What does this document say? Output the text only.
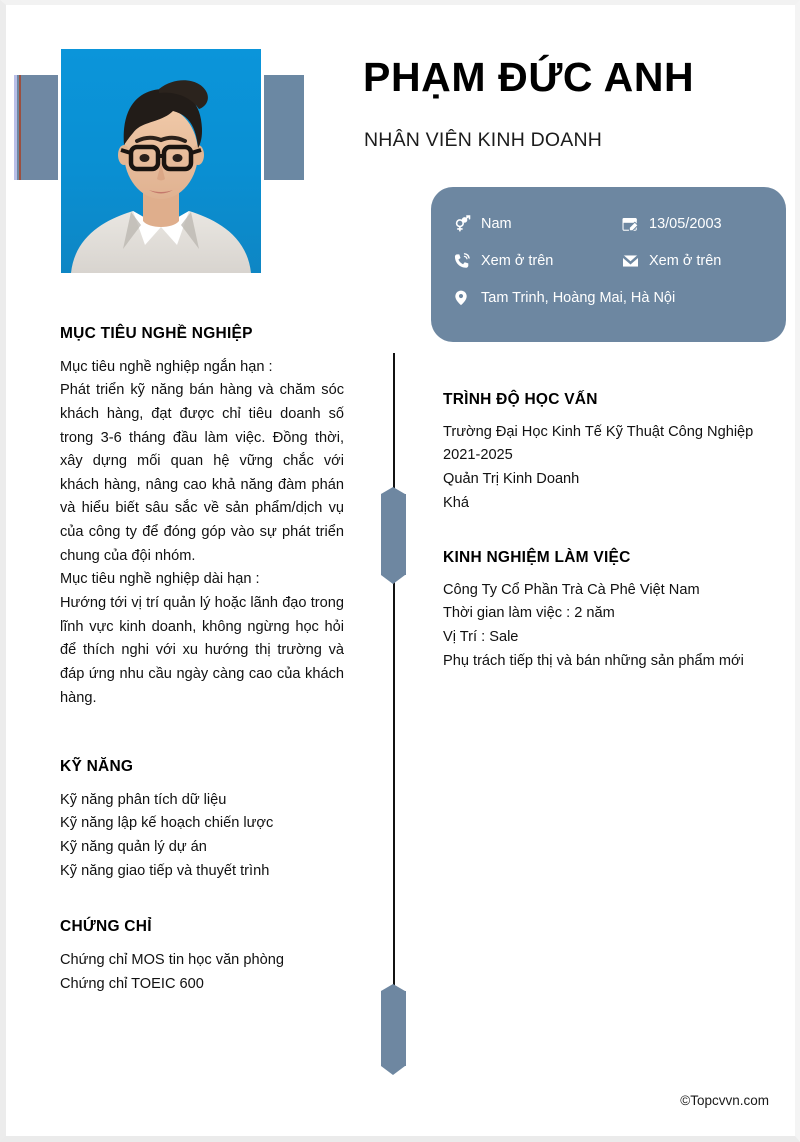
PHẠM ĐỨC ANH
NHÂN VIÊN KINH DOANH
Nam	13/05/2003
Xem ở trên	Xem ở trên
Tam Trinh, Hoàng Mai, Hà Nội
MỤC TIÊU NGHỀ NGHIỆP
Mục tiêu nghề nghiệp ngắn hạn :
Phát triển kỹ năng bán hàng và chăm sóc khách hàng, đạt được chỉ tiêu doanh số trong 3-6 tháng đầu làm việc. Đồng thời, xây dựng mối quan hệ vững chắc với khách hàng, nâng cao khả năng đàm phán và hiểu biết sâu sắc về sản phẩm/dịch vụ của công ty để đóng góp vào sự phát triển chung của đội nhóm.
Mục tiêu nghề nghiệp dài hạn :
Hướng tới vị trí quản lý hoặc lãnh đạo trong lĩnh vực kinh doanh, không ngừng học hỏi để thích nghi với xu hướng thị trường và đáp ứng nhu cầu ngày càng cao của khách hàng.
KỸ NĂNG
Kỹ năng phân tích dữ liệu
Kỹ năng lập kế hoạch chiến lược
Kỹ năng quản lý dự án
Kỹ năng giao tiếp và thuyết trình
CHỨNG CHỈ
Chứng chỉ MOS tin học văn phòng
Chứng chỉ TOEIC 600
TRÌNH ĐỘ HỌC VẤN
Trường Đại Học Kinh Tế Kỹ Thuật Công Nghiệp
2021-2025
Quản Trị Kinh Doanh
Khá
KINH NGHIỆM LÀM VIỆC
Công Ty Cổ Phần Trà Cà Phê Việt Nam
Thời gian làm việc : 2 năm
Vị Trí : Sale
Phụ trách tiếp thị và bán những sản phẩm mới
©Topcvvn.com
